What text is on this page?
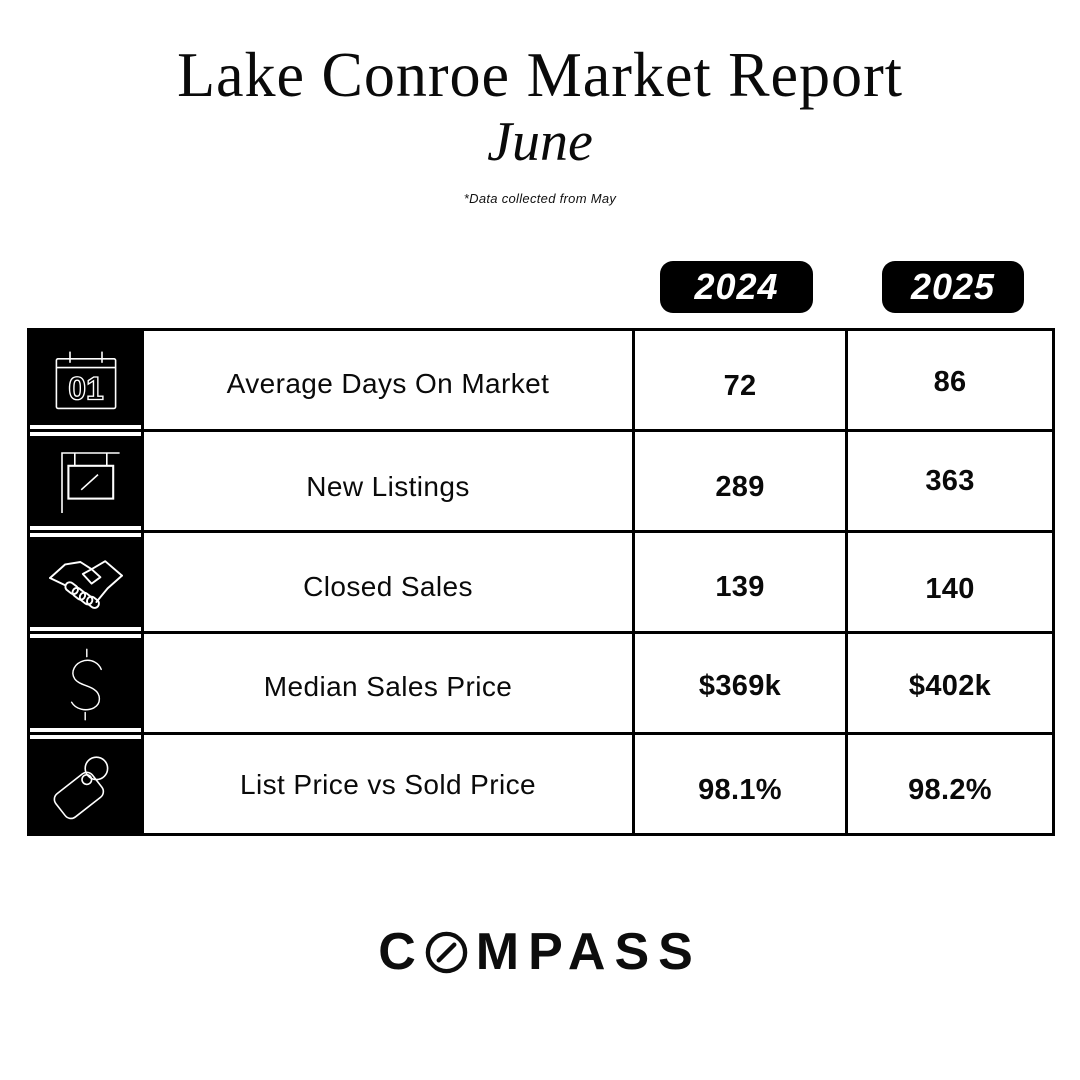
Lake Conroe Market Report
June
*Data collected from May
2024	2025
01	Average Days On Market	72	86
New Listings	289	363
Closed Sales	139	140
Median Sales Price	$369k	$402k
List Price vs Sold Price	98.1%	98.2%
C MPASS
